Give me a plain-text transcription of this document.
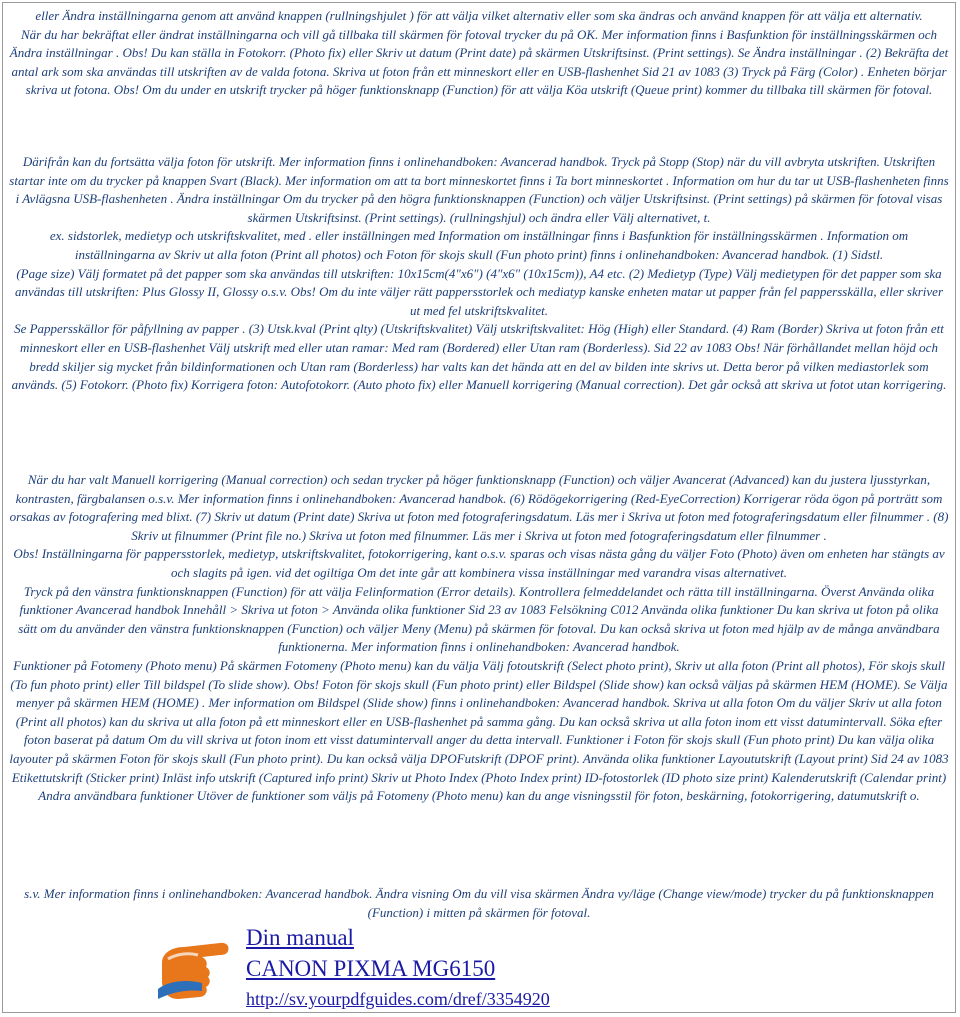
eller Ändra inställningarna genom att använd knappen (rullningshjulet ) för att välja vilket alternativ eller som ska ändras och använd knappen för att välja ett alternativ.

När du har bekräftat eller ändrat inställningarna och vill gå tillbaka till skärmen för fotoval trycker du på OK. Mer information finns i Basfunktion för inställningsskärmen och Ändra inställningar . Obs! Du kan ställa in Fotokorr. (Photo fix) eller Skriv ut datum (Print date) på skärmen Utskriftsinst. (Print settings). Se Ändra inställningar . (2) Bekräfta det antal ark som ska användas till utskriften av de valda fotona. Skriva ut foton från ett minneskort eller en USB-flashenhet Sid 21 av 1083 (3) Tryck på Färg (Color) . Enheten börjar skriva ut fotona. Obs! Om du under en utskrift trycker på höger funktionsknapp (Function) för att välja Köa utskrift (Queue print) kommer du tillbaka till skärmen för fotoval.

Därifrån kan du fortsätta välja foton för utskrift. Mer information finns i onlinehandboken: Avancerad handbok. Tryck på Stopp (Stop) när du vill avbryta utskriften. Utskriften startar inte om du trycker på knappen Svart (Black). Mer information om att ta bort minneskortet finns i Ta bort minneskortet . Information om hur du tar ut USB-flashenheten finns i Avlägsna USB-flashenheten . Ändra inställningar Om du trycker på den högra funktionsknappen (Function) och väljer Utskriftsinst. (Print settings) på skärmen för fotoval visas skärmen Utskriftsinst. (Print settings). (rullningshjul) och ändra eller Välj alternativet, t.

ex. sidstorlek, medietyp och utskriftskvalitet, med . eller inställningen med Information om inställningar finns i Basfunktion för inställningsskärmen . Information om inställningarna av Skriv ut alla foton (Print all photos) och Foton för skojs skull (Fun photo print) finns i onlinehandboken: Avancerad handbok. (1) Sidstl.

(Page size) Välj formatet på det papper som ska användas till utskriften: 10x15cm(4"x6") (4"x6" (10x15cm)), A4 etc. (2) Medietyp (Type) Välj medietypen för det papper som ska användas till utskriften: Plus Glossy II, Glossy o.s.v. Obs! Om du inte väljer rätt pappersstorlek och mediatyp kanske enheten matar ut papper från fel pappersskälla, eller skriver ut med fel utskriftskvalitet.

Se Pappersskällor för påfyllning av papper . (3) Utsk.kval (Print qlty) (Utskriftskvalitet) Välj utskriftskvalitet: Hög (High) eller Standard. (4) Ram (Border) Skriva ut foton från ett minneskort eller en USB-flashenhet Välj utskrift med eller utan ramar: Med ram (Bordered) eller Utan ram (Borderless). Sid 22 av 1083 Obs! När förhållandet mellan höjd och bredd skiljer sig mycket från bildinformationen och Utan ram (Borderless) har valts kan det hända att en del av bilden inte skrivs ut. Detta beror på vilken mediastorlek som används. (5) Fotokorr. (Photo fix) Korrigera foton: Autofotokorr. (Auto photo fix) eller Manuell korrigering (Manual correction). Det går också att skriva ut fotot utan korrigering.

När du har valt Manuell korrigering (Manual correction) och sedan trycker på höger funktionsknapp (Function) och väljer Avancerat (Advanced) kan du justera ljusstyrkan, kontrasten, färgbalansen o.s.v. Mer information finns i onlinehandboken: Avancerad handbok. (6) Rödögekorrigering (Red-EyeCorrection) Korrigerar röda ögon på porträtt som orsakas av fotografering med blixt. (7) Skriv ut datum (Print date) Skriva ut foton med fotograferingsdatum. Läs mer i Skriva ut foton med fotograferingsdatum eller filnummer . (8) Skriv ut filnummer (Print file no.) Skriva ut foton med filnummer. Läs mer i Skriva ut foton med fotograferingsdatum eller filnummer .

Obs! Inställningarna för pappersstorlek, medietyp, utskriftskvalitet, fotokorrigering, kant o.s.v. sparas och visas nästa gång du väljer Foto (Photo) även om enheten har stängts av och slagits på igen. vid det ogiltiga Om det inte går att kombinera vissa inställningar med varandra visas alternativet.

Tryck på den vänstra funktionsknappen (Function) för att välja Felinformation (Error details). Kontrollera felmeddelandet och rätta till inställningarna. Överst Använda olika funktioner Avancerad handbok Innehåll > Skriva ut foton > Använda olika funktioner Sid 23 av 1083 Felsökning C012 Använda olika funktioner Du kan skriva ut foton på olika sätt om du använder den vänstra funktionsknappen (Function) och väljer Meny (Menu) på skärmen för fotoval. Du kan också skriva ut foton med hjälp av de många användbara funktionerna. Mer information finns i onlinehandboken: Avancerad handbok.

Funktioner på Fotomeny (Photo menu) På skärmen Fotomeny (Photo menu) kan du välja Välj fotoutskrift (Select photo print), Skriv ut alla foton (Print all photos), För skojs skull (To fun photo print) eller Till bildspel (To slide show). Obs! Foton för skojs skull (Fun photo print) eller Bildspel (Slide show) kan också väljas på skärmen HEM (HOME). Se Välja menyer på skärmen HEM (HOME) . Mer information om Bildspel (Slide show) finns i onlinehandboken: Avancerad handbok. Skriva ut alla foton Om du väljer Skriv ut alla foton (Print all photos) kan du skriva ut alla foton på ett minneskort eller en USB-flashenhet på samma gång. Du kan också skriva ut alla foton inom ett visst datumintervall. Söka efter foton baserat på datum Om du vill skriva ut foton inom ett visst datumintervall anger du detta intervall. Funktioner i Foton för skojs skull (Fun photo print) Du kan välja olika layouter på skärmen Foton för skojs skull (Fun photo print). Du kan också välja DPOFutskrift (DPOF print). Använda olika funktioner Layoututskrift (Layout print) Sid 24 av 1083 Etikettutskrift (Sticker print) Inläst info utskrift (Captured info print) Skriv ut Photo Index (Photo Index print) ID-fotostorlek (ID photo size print) Kalenderutskrift (Calendar print) Andra användbara funktioner Utöver de funktioner som väljs på Fotomeny (Photo menu) kan du ange visningsstil för foton, beskärning, fotokorrigering, datumutskrift o.

s.v. Mer information finns i onlinehandboken: Avancerad handbok. Ändra visning Om du vill visa skärmen Ändra vy/läge (Change view/mode) trycker du på funktionsknappen (Function) i mitten på skärmen för fotoval.

Din manual
CANON PIXMA MG6150
http://sv.yourpdfguides.com/dref/3354920
